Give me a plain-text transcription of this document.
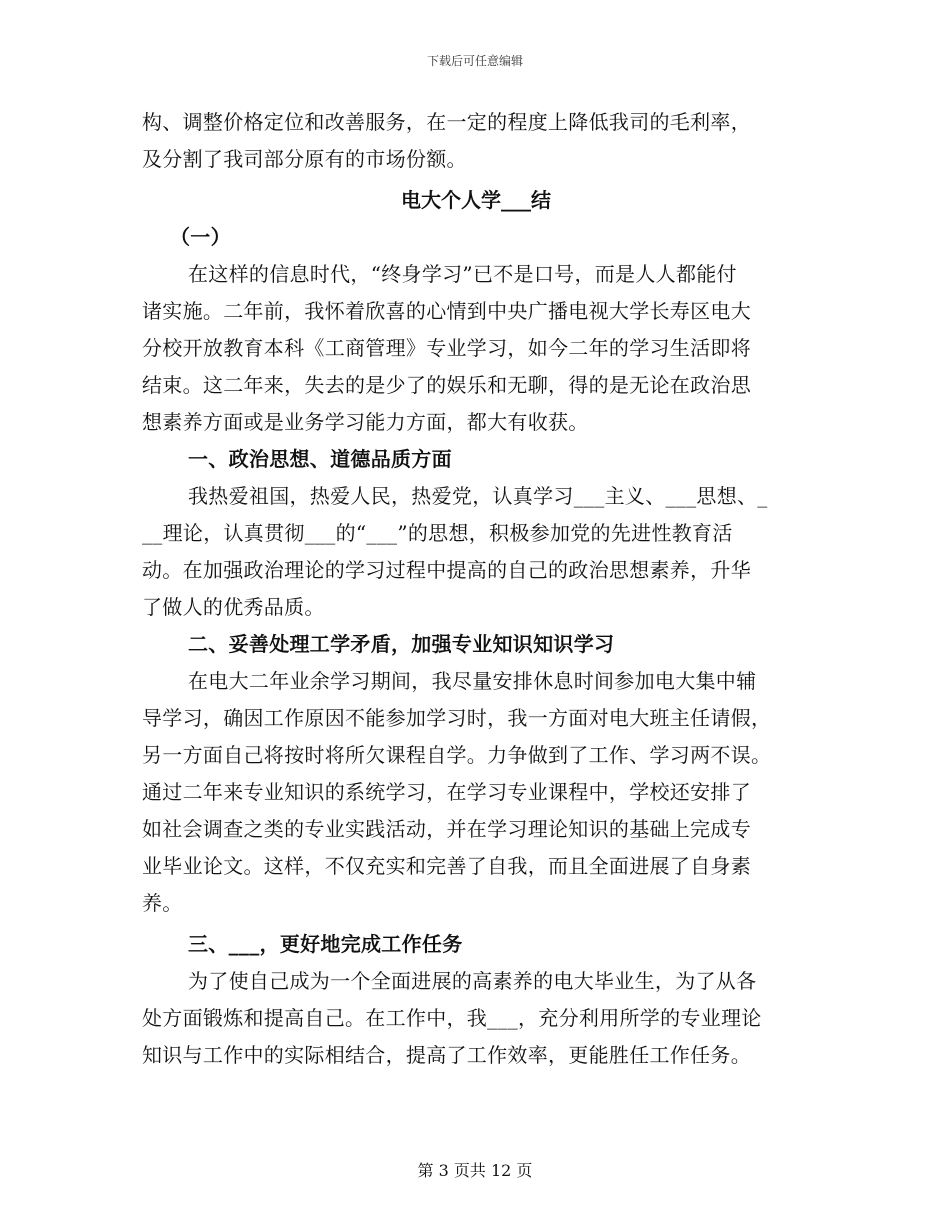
下载后可任意编辑
构、调整价格定位和改善服务，在一定的程度上降低我司的毛利率，
及分割了我司部分原有的市场份额。
电大个人学___结
（一）
在这样的信息时代，“终身学习”已不是口号，而是人人都能付
诸实施。二年前，我怀着欣喜的心情到中央广播电视大学长寿区电大
分校开放教育本科《工商管理》专业学习，如今二年的学习生活即将
结束。这二年来，失去的是少了的娱乐和无聊，得的是无论在政治思
想素养方面或是业务学习能力方面，都大有收获。
一、政治思想、道德品质方面
我热爱祖国，热爱人民，热爱党，认真学习___主义、___思想、_
__理论，认真贯彻___的“___”的思想，积极参加党的先进性教育活
动。在加强政治理论的学习过程中提高的自己的政治思想素养，升华
了做人的优秀品质。
二、妥善处理工学矛盾，加强专业知识知识学习
在电大二年业余学习期间，我尽量安排休息时间参加电大集中辅
导学习，确因工作原因不能参加学习时，我一方面对电大班主任请假，
另一方面自己将按时将所欠课程自学。力争做到了工作、学习两不误。
通过二年来专业知识的系统学习，在学习专业课程中，学校还安排了
如社会调查之类的专业实践活动，并在学习理论知识的基础上完成专
业毕业论文。这样，不仅充实和完善了自我，而且全面进展了自身素
养。
三、___，更好地完成工作任务
为了使自己成为一个全面进展的高素养的电大毕业生，为了从各
处方面锻炼和提高自己。在工作中，我___，充分利用所学的专业理论
知识与工作中的实际相结合，提高了工作效率，更能胜任工作任务。
第 3 页共 12 页
